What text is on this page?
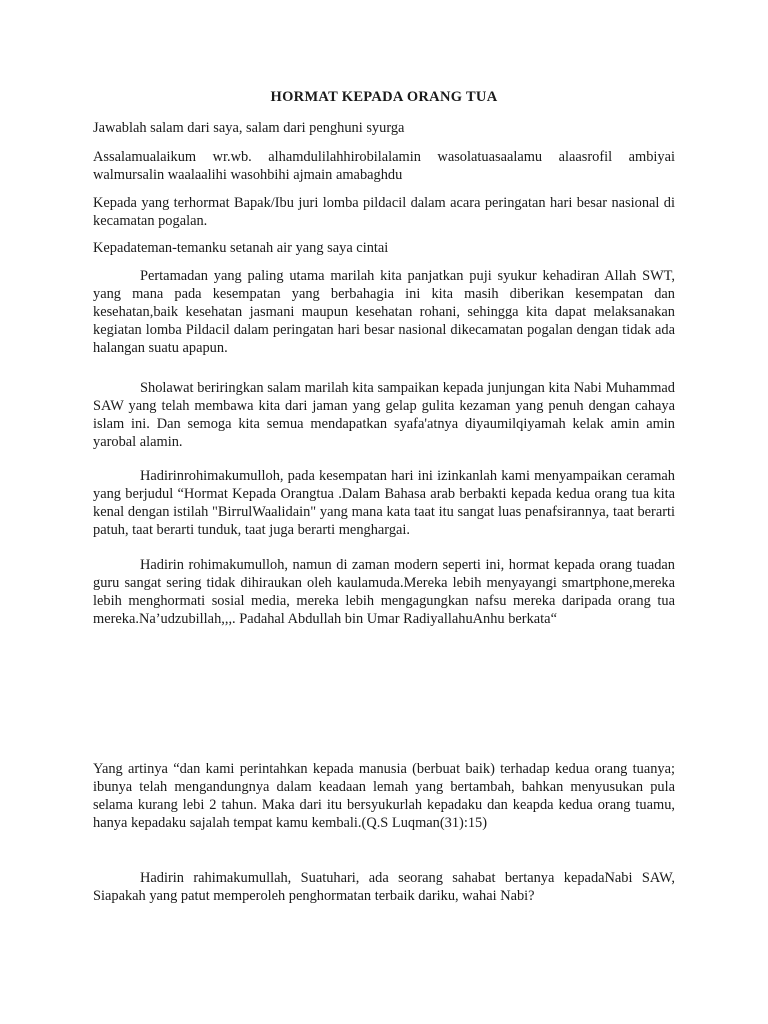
HORMAT KEPADA ORANG TUA

Jawablah salam dari saya, salam dari penghuni syurga

Assalamualaikum wr.wb. alhamdulilahhirobilalamin wasolatuasaalamu alaasrofil ambiyai walmursalin waalaalihi wasohbihi ajmain amabaghdu

Kepada yang terhormat Bapak/Ibu juri lomba pildacil dalam acara peringatan hari besar nasional di kecamatan pogalan.

Kepadateman-temanku setanah air yang saya cintai

Pertamadan yang paling utama marilah kita panjatkan puji syukur kehadiran Allah SWT, yang mana pada kesempatan yang berbahagia ini kita masih diberikan kesempatan dan kesehatan,baik kesehatan jasmani maupun kesehatan rohani, sehingga kita dapat melaksanakan kegiatan lomba Pildacil dalam peringatan hari besar nasional dikecamatan pogalan dengan tidak ada halangan suatu apapun.

Sholawat beriringkan salam marilah kita sampaikan kepada junjungan kita Nabi Muhammad SAW yang telah membawa kita dari jaman yang gelap gulita kezaman yang penuh dengan cahaya islam ini. Dan semoga kita semua mendapatkan syafa'atnya diyaumilqiyamah kelak amin amin yarobal alamin.

Hadirinrohimakumulloh, pada kesempatan hari ini izinkanlah kami menyampaikan ceramah yang berjudul “Hormat Kepada Orangtua .Dalam Bahasa arab berbakti kepada kedua orang tua kita kenal dengan istilah "BirrulWaalidain" yang mana kata taat itu sangat luas penafsirannya, taat berarti patuh, taat berarti tunduk, taat juga berarti menghargai.

Hadirin rohimakumulloh, namun di zaman modern seperti ini, hormat kepada orang tuadan guru sangat sering tidak dihiraukan oleh kaulamuda.Mereka lebih menyayangi smartphone,mereka lebih menghormati sosial media, mereka lebih mengagungkan nafsu mereka daripada orang tua mereka.Na’udzubillah,,,. Padahal Abdullah bin Umar RadiyallahuAnhu berkata“

Yang artinya “dan kami perintahkan kepada manusia (berbuat baik) terhadap kedua orang tuanya; ibunya telah mengandungnya dalam keadaan lemah yang bertambah, bahkan menyusukan pula selama kurang lebi 2 tahun. Maka dari itu bersyukurlah kepadaku dan keapda kedua orang tuamu, hanya kepadaku sajalah tempat kamu kembali.(Q.S Luqman(31):15)

Hadirin rahimakumullah, Suatuhari, ada seorang sahabat bertanya kepadaNabi SAW, Siapakah yang patut memperoleh penghormatan terbaik dariku, wahai Nabi?
